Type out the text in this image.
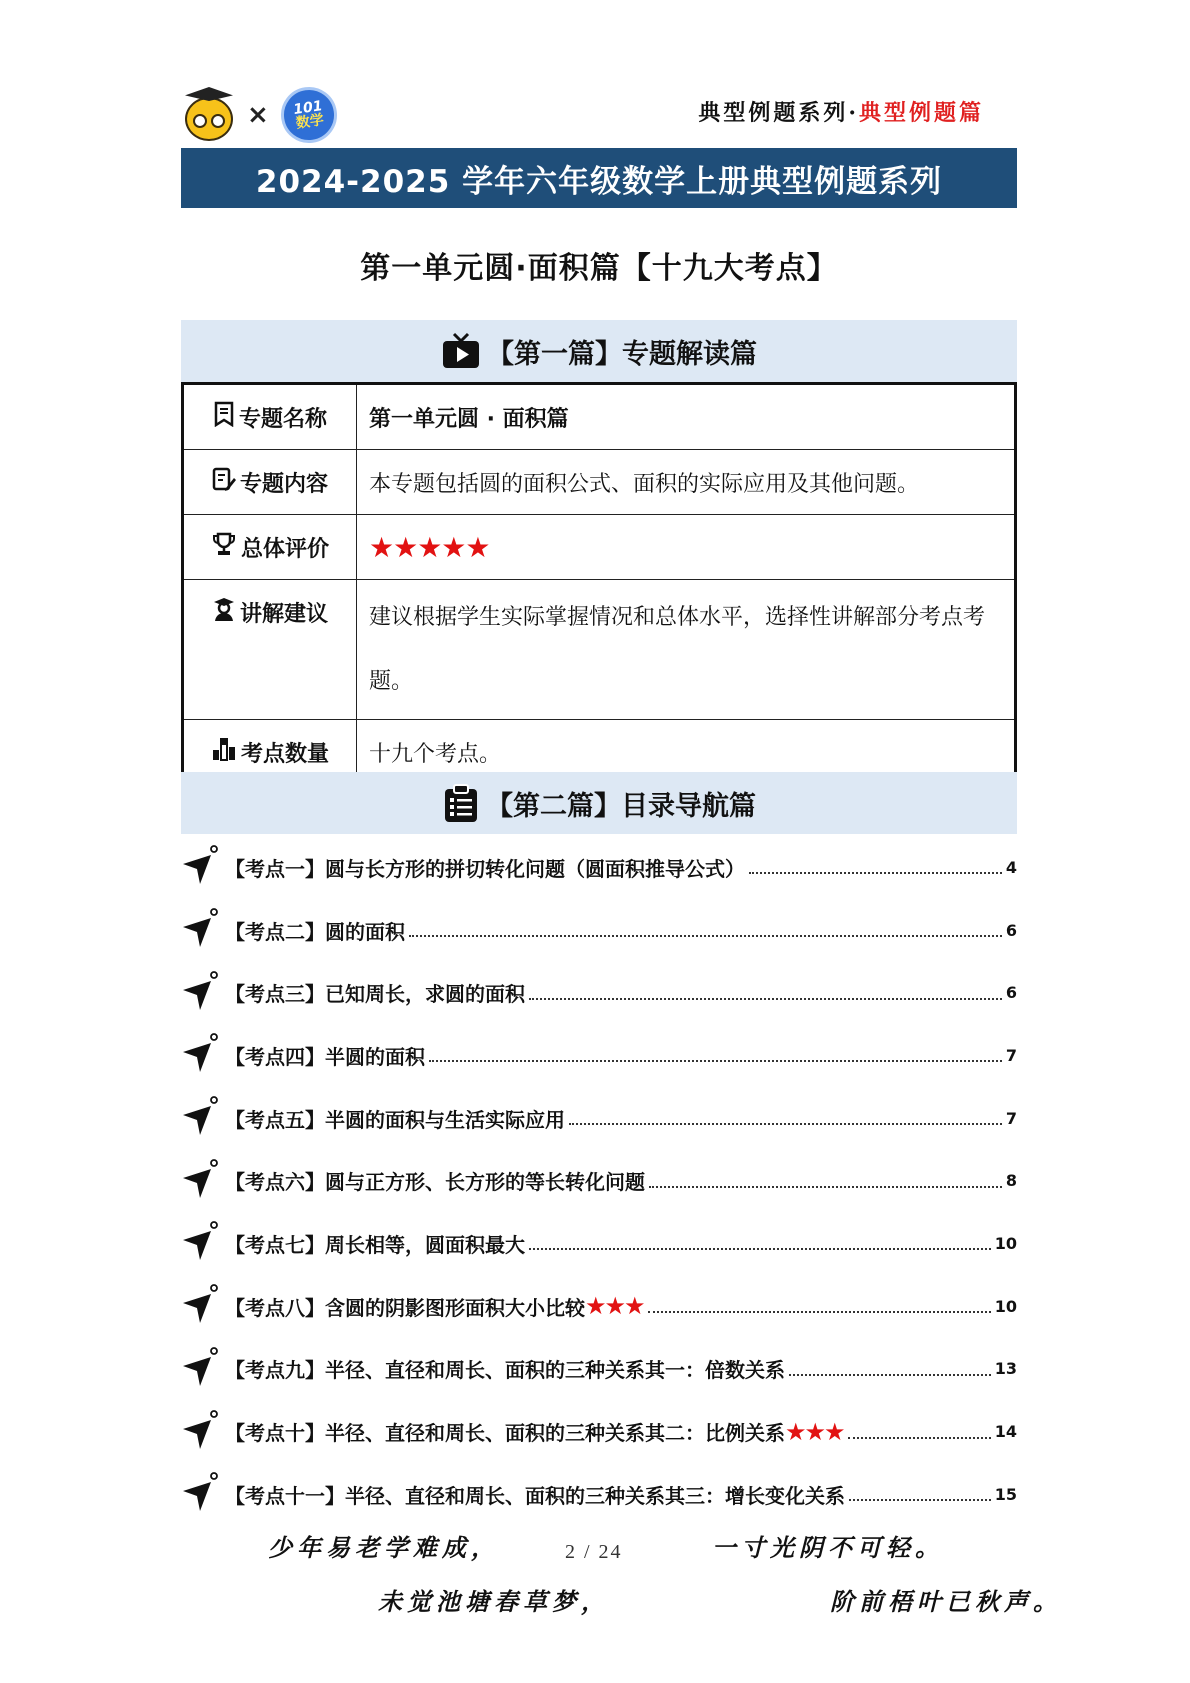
× 101
数学	典型例题系列·典型例题篇
2024-2025 学年六年级数学上册典型例题系列
第一单元圆·面积篇【十九大考点】
【第一篇】专题解读篇
专题名称	第一单元圆 · 面积篇

专题内容	本专题包括圆的面积公式、面积的实际应用及其他问题。

总体评价	★★★★★

讲解建议	建议根据学生实际掌握情况和总体水平，选择性讲解部分考点考题。

考点数量	十九个考点。
【第二篇】目录导航篇
【考点一】圆与长方形的拼切转化问题（圆面积推导公式）	4
【考点二】圆的面积	6
【考点三】已知周长，求圆的面积	6
【考点四】半圆的面积	7
【考点五】半圆的面积与生活实际应用	7
【考点六】圆与正方形、长方形的等长转化问题	8
【考点七】周长相等，圆面积最大	10
【考点八】含圆的阴影图形面积大小比较 ★★★	10
【考点九】半径、直径和周长、面积的三种关系其一：倍数关系	13
【考点十】半径、直径和周长、面积的三种关系其二：比例关系 ★★★	14
【考点十一】半径、直径和周长、面积的三种关系其三：增长变化关系	15
少年易老学难成，	2 / 24	一寸光阴不可轻。
未觉池塘春草梦，	阶前梧叶已秋声。
